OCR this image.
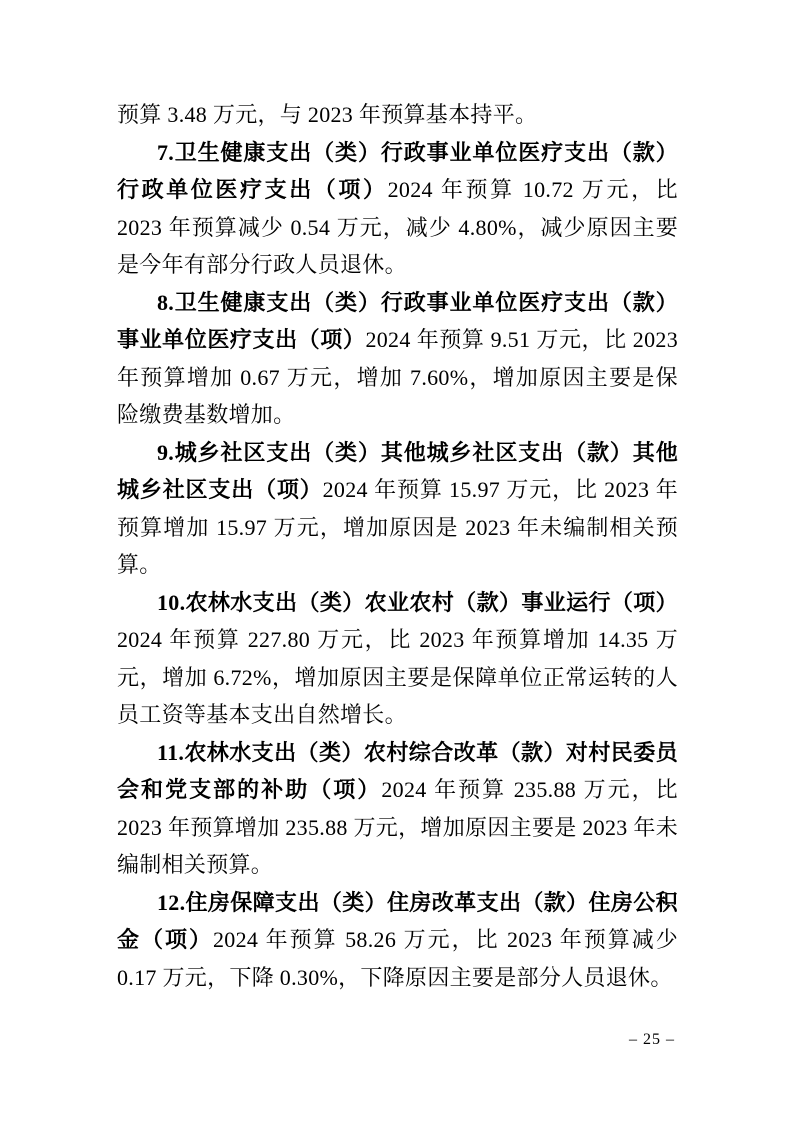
预算 3.48 万元，与 2023 年预算基本持平。

7.卫生健康支出（类）行政事业单位医疗支出（款）行政单位医疗支出（项）2024 年预算 10.72 万元，比 2023 年预算减少 0.54 万元，减少 4.80%，减少原因主要是今年有部分行政人员退休。

8.卫生健康支出（类）行政事业单位医疗支出（款）事业单位医疗支出（项）2024 年预算 9.51 万元，比 2023 年预算增加 0.67 万元，增加 7.60%，增加原因主要是保险缴费基数增加。

9.城乡社区支出（类）其他城乡社区支出（款）其他城乡社区支出（项）2024 年预算 15.97 万元，比 2023 年预算增加 15.97 万元，增加原因是 2023 年未编制相关预算。

10.农林水支出（类）农业农村（款）事业运行（项）2024 年预算 227.80 万元，比 2023 年预算增加 14.35 万元，增加 6.72%，增加原因主要是保障单位正常运转的人员工资等基本支出自然增长。

11.农林水支出（类）农村综合改革（款）对村民委员会和党支部的补助（项）2024 年预算 235.88 万元，比 2023 年预算增加 235.88 万元，增加原因主要是 2023 年未编制相关预算。

12.住房保障支出（类）住房改革支出（款）住房公积金（项）2024 年预算 58.26 万元，比 2023 年预算减少 0.17 万元，下降 0.30%，下降原因主要是部分人员退休。

– 25 –
